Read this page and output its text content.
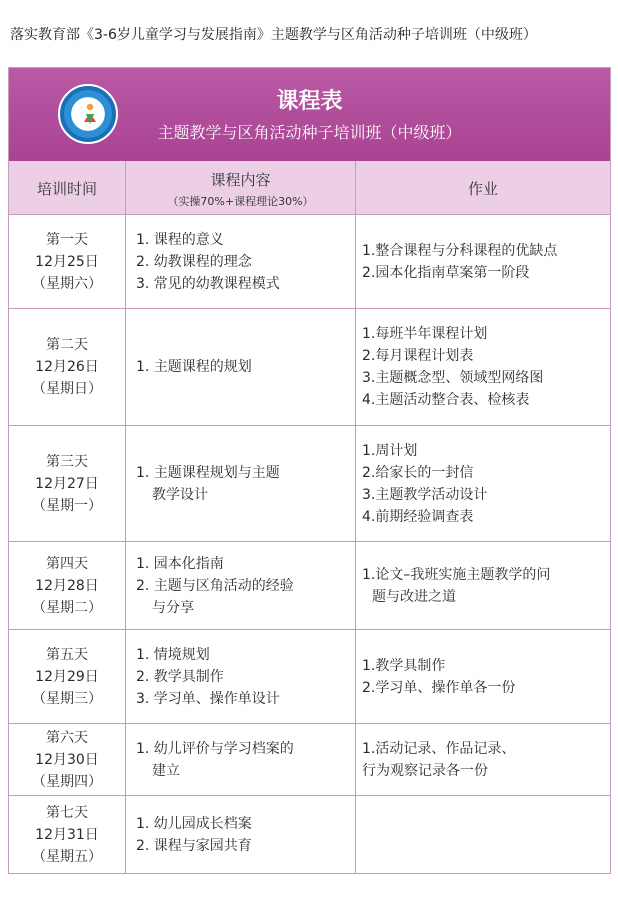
落实教育部《3-6岁儿童学习与发展指南》主题教学与区角活动种子培训班（中级班）
课程表
主题教学与区角活动种子培训班（中级班）
培训时间	课程内容
（实操70%+课程理论30%）
作业
第一天
12月25日
（星期六）
1. 课程的意义
2. 幼教课程的理念
3. 常见的幼教课程模式
1.整合课程与分科课程的优缺点
2.园本化指南草案第一阶段
第二天
12月26日
（星期日）
1. 主题课程的规划
1.每班半年课程计划
2.每月课程计划表
3.主题概念型、领域型网络图
4.主题活动整合表、检核表
第三天
12月27日
（星期一）
1. 主题课程规划与主题
教学设计
1.周计划
2.给家长的一封信
3.主题教学活动设计
4.前期经验调查表
第四天
12月28日
（星期二）
1. 园本化指南
2. 主题与区角活动的经验
与分享
1.论文–我班实施主题教学的问
题与改进之道
第五天
12月29日
（星期三）
1. 情境规划
2. 教学具制作
3. 学习单、操作单设计
1.教学具制作
2.学习单、操作单各一份
第六天
12月30日
（星期四）
1. 幼儿评价与学习档案的
建立
1.活动记录、作品记录、
行为观察记录各一份
第七天
12月31日
（星期五）
1. 幼儿园成长档案
2. 课程与家园共育
